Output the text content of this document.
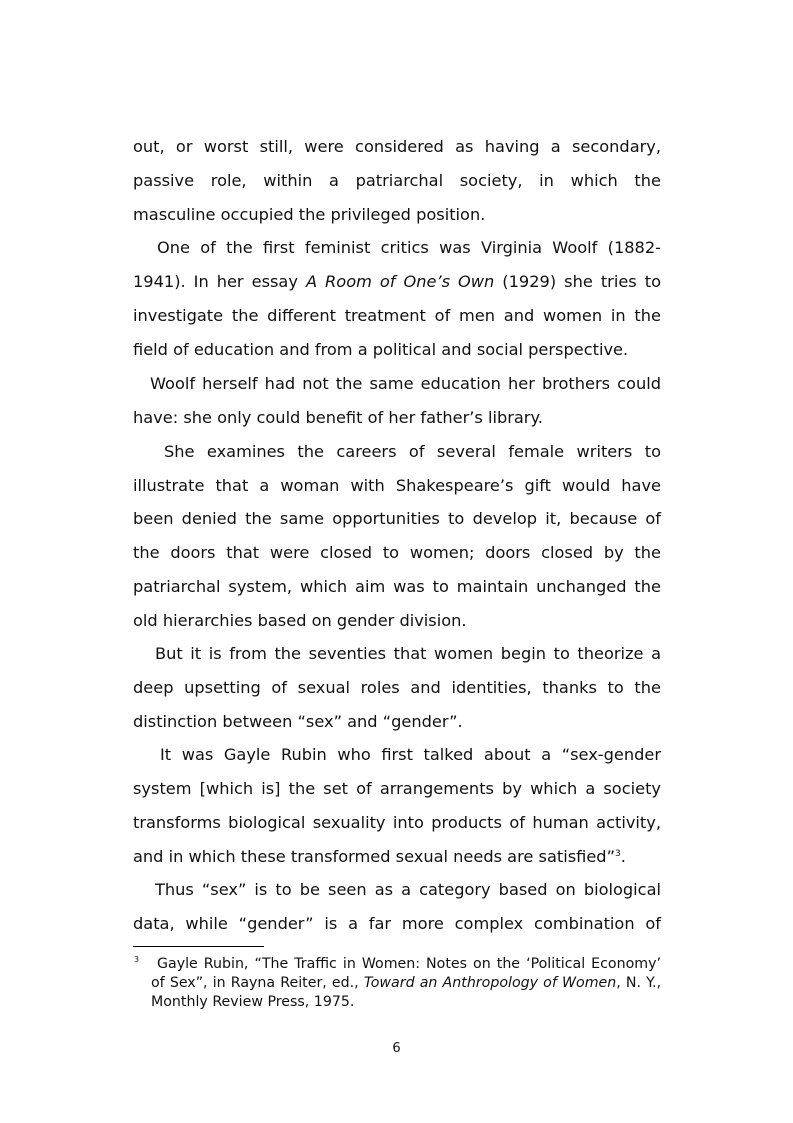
out, or worst still, were considered as having a secondary,
passive role, within a patriarchal society, in which the
masculine occupied the privileged position.
One of the first feminist critics was Virginia Woolf (1882-
1941). In her essay A Room of One’s Own (1929) she tries to
investigate the different treatment of men and women in the
field of education and from a political and social perspective.
Woolf herself had not the same education her brothers could
have: she only could benefit of her father’s library.
She examines the careers of several female writers to
illustrate that a woman with Shakespeare’s gift would have
been denied the same opportunities to develop it, because of
the doors that were closed to women; doors closed by the
patriarchal system, which aim was to maintain unchanged the
old hierarchies based on gender division.
But it is from the seventies that women begin to theorize a
deep upsetting of sexual roles and identities, thanks to the
distinction between “sex” and “gender”.
It was Gayle Rubin who first talked about a “sex-gender
system [which is] the set of arrangements by which a society
transforms biological sexuality into products of human activity,
and in which these transformed sexual needs are satisfied”$^3$.
Thus “sex” is to be seen as a category based on biological
data, while “gender” is a far more complex combination of
3 Gayle Rubin, “The Traffic in Women: Notes on the ‘Political Economy’
of Sex”, in Rayna Reiter, ed., Toward an Anthropology of Women, N. Y.,
Monthly Review Press, 1975.
6
